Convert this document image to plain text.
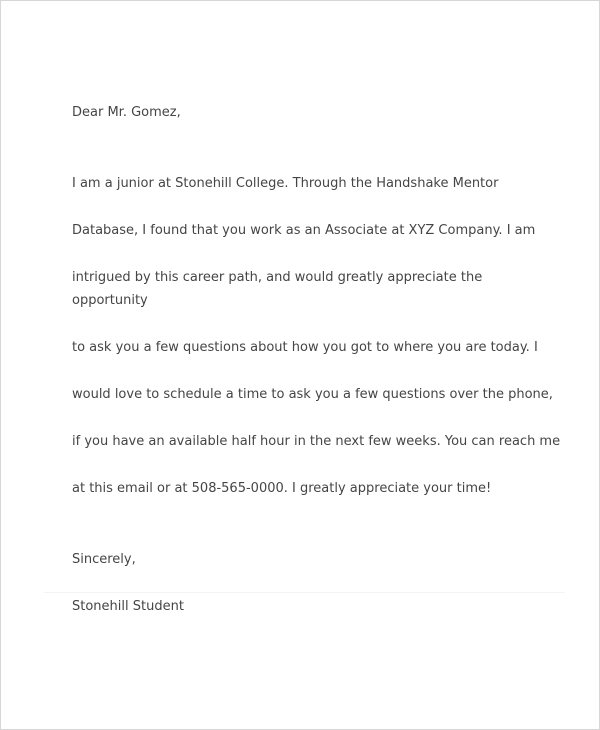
Dear Mr. Gomez,

I am a junior at Stonehill College. Through the Handshake Mentor

Database, I found that you work as an Associate at XYZ Company. I am

intrigued by this career path, and would greatly appreciate the opportunity

to ask you a few questions about how you got to where you are today. I

would love to schedule a time to ask you a few questions over the phone,

if you have an available half hour in the next few weeks. You can reach me

at this email or at 508-565-0000. I greatly appreciate your time!

Sincerely,

Stonehill Student
